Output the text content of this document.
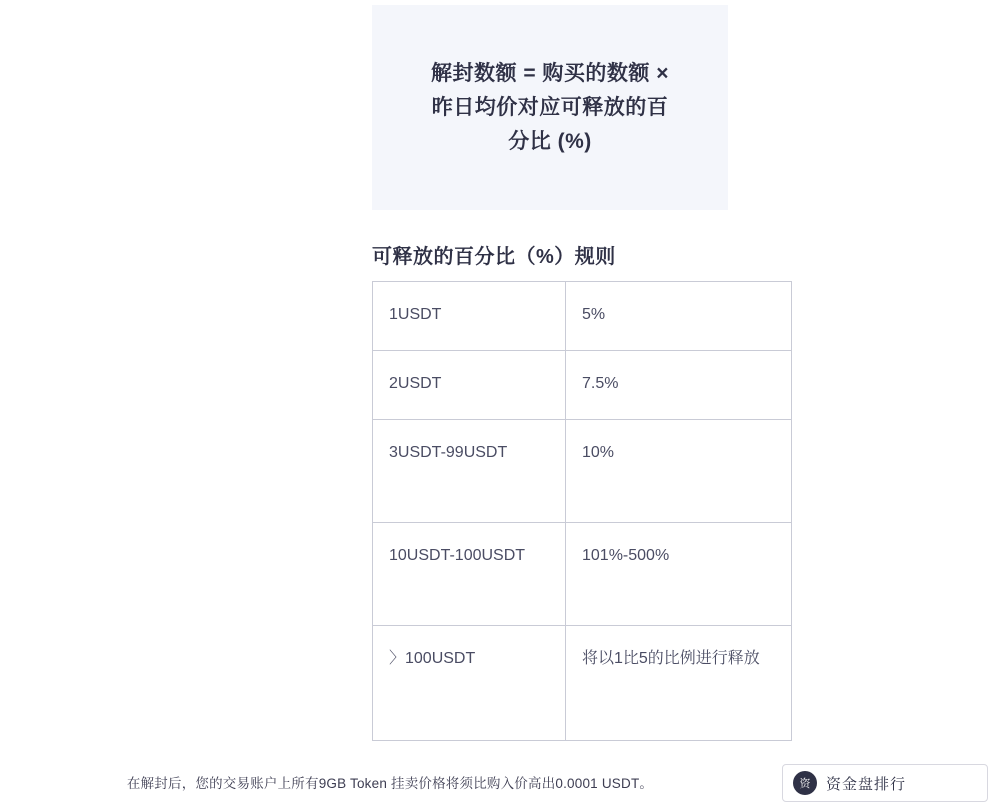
解封数额 = 购买的数额 × 昨日均价对应可释放的百分比 (%)
可释放的百分比（%）规则
1USDT	5%
2USDT	7.5%
3USDT-99USDT	10%
10USDT-100USDT	101%-500%
〉100USDT	将以1比5的比例进行释放
在解封后，您的交易账户上所有9GB Token 挂卖价格将须比购入价高出0.0001 USDT。	资	资金盘排行
